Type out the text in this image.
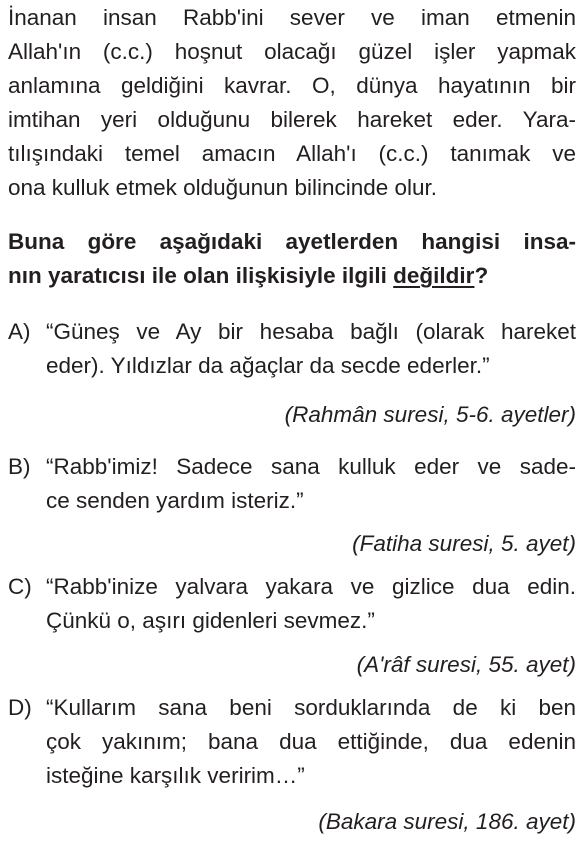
İnanan insan Rabb'ini sever ve iman etmenin
Allah'ın (c.c.) hoşnut olacağı güzel işler yapmak
anlamına geldiğini kavrar. O, dünya hayatının bir
imtihan yeri olduğunu bilerek hareket eder. Yara-
tılışındaki temel amacın Allah'ı (c.c.) tanımak ve
ona kulluk etmek olduğunun bilincinde olur.
Buna göre aşağıdaki ayetlerden hangisi insa-
nın yaratıcısı ile olan ilişkisiyle ilgili değildir?
A) “Güneş ve Ay bir hesaba bağlı (olarak hareket
eder). Yıldızlar da ağaçlar da secde ederler.”
(Rahmân suresi, 5-6. ayetler)
B) “Rabb'imiz! Sadece sana kulluk eder ve sade-
ce senden yardım isteriz.”
(Fatiha suresi, 5. ayet)
C) “Rabb'inize yalvara yakara ve gizlice dua edin.
Çünkü o, aşırı gidenleri sevmez.”
(A'râf suresi, 55. ayet)
D) “Kullarım sana beni sorduklarında de ki ben
çok yakınım; bana dua ettiğinde, dua edenin
isteğine karşılık veririm…”
(Bakara suresi, 186. ayet)
